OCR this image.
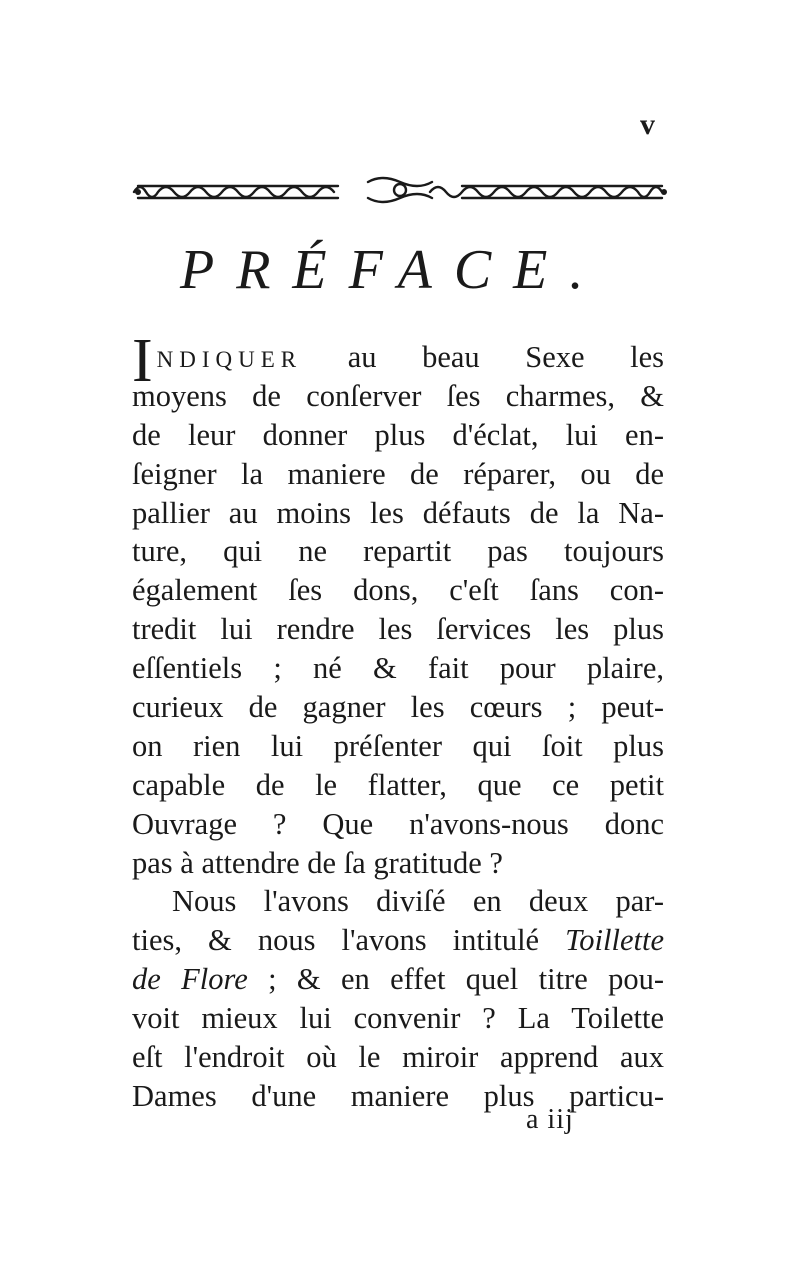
v
PRÉFACE.
INDIQUER au beau Sexe les
moyens de conſerver ſes charmes, &
de leur donner plus d'éclat, lui en-
ſeigner la maniere de réparer, ou de
pallier au moins les défauts de la Na-
ture, qui ne repartit pas toujours
également ſes dons, c'eſt ſans con-
tredit lui rendre les ſervices les plus
eſſentiels ; né & fait pour plaire,
curieux de gagner les cœurs ; peut-
on rien lui préſenter qui ſoit plus
capable de le flatter, que ce petit
Ouvrage ? Que n'avons-nous donc
pas à attendre de ſa gratitude ?
Nous l'avons diviſé en deux par-
ties, & nous l'avons intitulé Toillette
de Flore ; & en effet quel titre pou-
voit mieux lui convenir ? La Toilette
eſt l'endroit où le miroir apprend aux
Dames d'une maniere plus particu-
a iij
